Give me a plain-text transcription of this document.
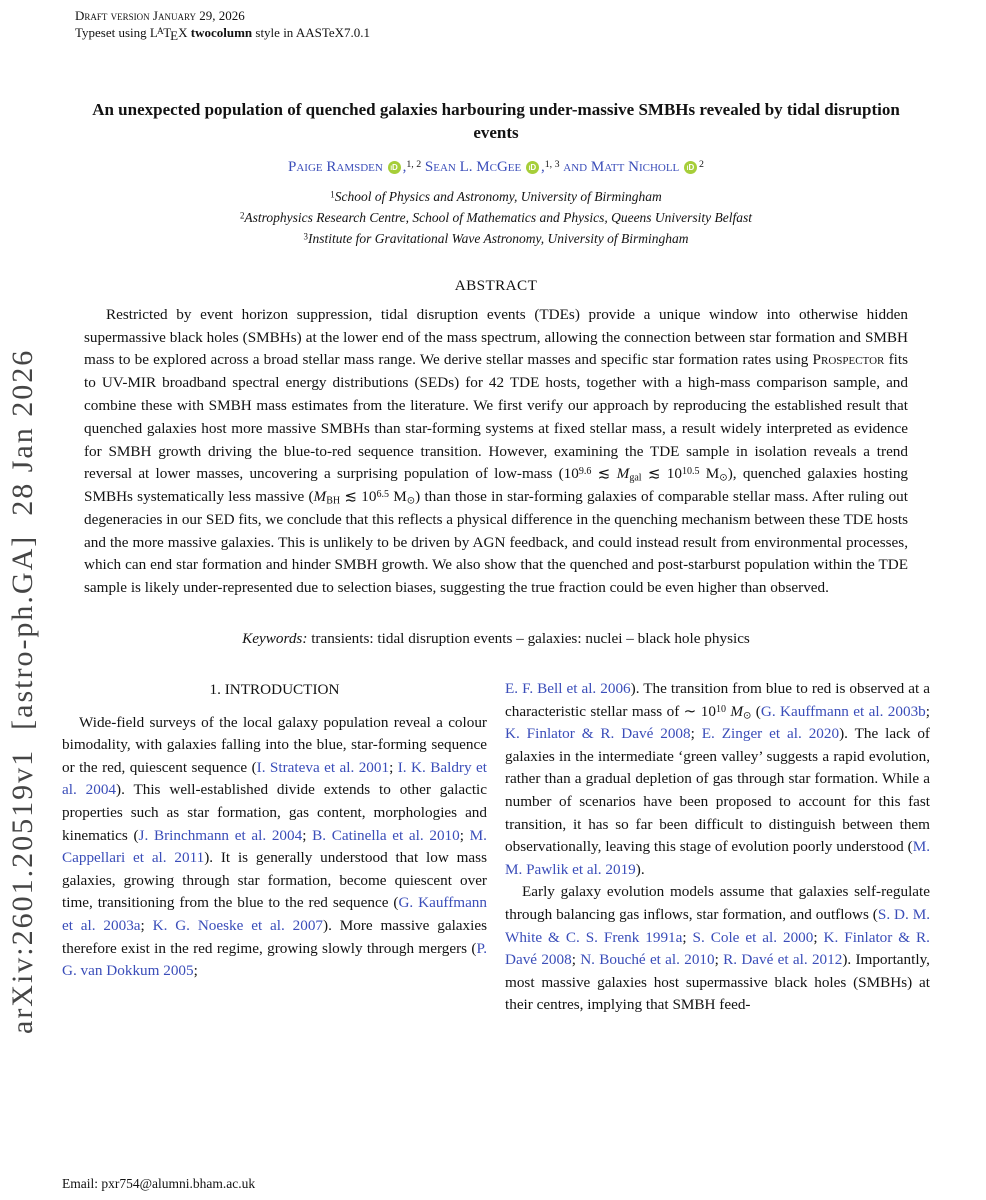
arXiv:2601.20519v1  [astro-ph.GA]  28 Jan 2026
Draft version January 29, 2026
Typeset using $L^ATEX$ twocolumn style in AASTeX7.0.1
An unexpected population of quenched galaxies harbouring under-massive SMBHs revealed by tidal disruption events
Paige Ramsden iD ,$^{1, 2}$ Sean L. McGee iD ,$^{1, 3}$ and Matt Nicholl iD $^2$
$^1$School of Physics and Astronomy, University of Birmingham
$^2$Astrophysics Research Centre, School of Mathematics and Physics, Queens University Belfast
$^3$Institute for Gravitational Wave Astronomy, University of Birmingham
ABSTRACT

Restricted by event horizon suppression, tidal disruption events (TDEs) provide a unique window into otherwise hidden supermassive black holes (SMBHs) at the lower end of the mass spectrum, allowing the connection between star formation and SMBH mass to be explored across a broad stellar mass range. We derive stellar masses and specific star formation rates using Prospector fits to UV-MIR broadband spectral energy distributions (SEDs) for 42 TDE hosts, together with a high-mass comparison sample, and combine these with SMBH mass estimates from the literature. We first verify our approach by reproducing the established result that quenched galaxies host more massive SMBHs than star-forming systems at fixed stellar mass, a result widely interpreted as evidence for SMBH growth driving the blue-to-red sequence transition. However, examining the TDE sample in isolation reveals a trend reversal at lower masses, uncovering a surprising population of low-mass ($10^{9.6}$ ≲ $M_{gal}$ ≲ $10^{10.5}$ $M_⊙$), quenched galaxies hosting SMBHs systematically less massive ($M_{BH}$ ≲ $10^{6.5}$ $M_⊙$) than those in star-forming galaxies of comparable stellar mass. After ruling out degeneracies in our SED fits, we conclude that this reflects a physical difference in the quenching mechanism between these TDE hosts and the more massive galaxies. This is unlikely to be driven by AGN feedback, and could instead result from environmental processes, which can end star formation and hinder SMBH growth. We also show that the quenched and post-starburst population within the TDE sample is likely under-represented due to selection biases, suggesting the true fraction could be even higher than observed.

Keywords: transients: tidal disruption events – galaxies: nuclei – black hole physics
1. INTRODUCTION

Wide-field surveys of the local galaxy population reveal a colour bimodality, with galaxies falling into the blue, star-forming sequence or the red, quiescent sequence (I. Strateva et al. 2001; I. K. Baldry et al. 2004). This well-established divide extends to other galactic properties such as star formation, gas content, morphologies and kinematics (J. Brinchmann et al. 2004; B. Catinella et al. 2010; M. Cappellari et al. 2011). It is generally understood that low mass galaxies, growing through star formation, become quiescent over time, transitioning from the blue to the red sequence (G. Kauffmann et al. 2003a; K. G. Noeske et al. 2007). More massive galaxies therefore exist in the red regime, growing slowly through mergers (P. G. van Dokkum 2005;

E. F. Bell et al. 2006). The transition from blue to red is observed at a characteristic stellar mass of ∼ $10^{10}$ $M_⊙$ (G. Kauffmann et al. 2003b; K. Finlator & R. Davé 2008; E. Zinger et al. 2020). The lack of galaxies in the intermediate ‘green valley’ suggests a rapid evolution, rather than a gradual depletion of gas through star formation. While a number of scenarios have been proposed to account for this fast transition, it has so far been difficult to distinguish between them observationally, leaving this stage of evolution poorly understood (M. M. Pawlik et al. 2019).

Early galaxy evolution models assume that galaxies self-regulate through balancing gas inflows, star formation, and outflows (S. D. M. White & C. S. Frenk 1991a; S. Cole et al. 2000; K. Finlator & R. Davé 2008; N. Bouché et al. 2010; R. Davé et al. 2012). Importantly, most massive galaxies host supermassive black holes (SMBHs) at their centres, implying that SMBH feed-

Email: pxr754@alumni.bham.ac.uk
